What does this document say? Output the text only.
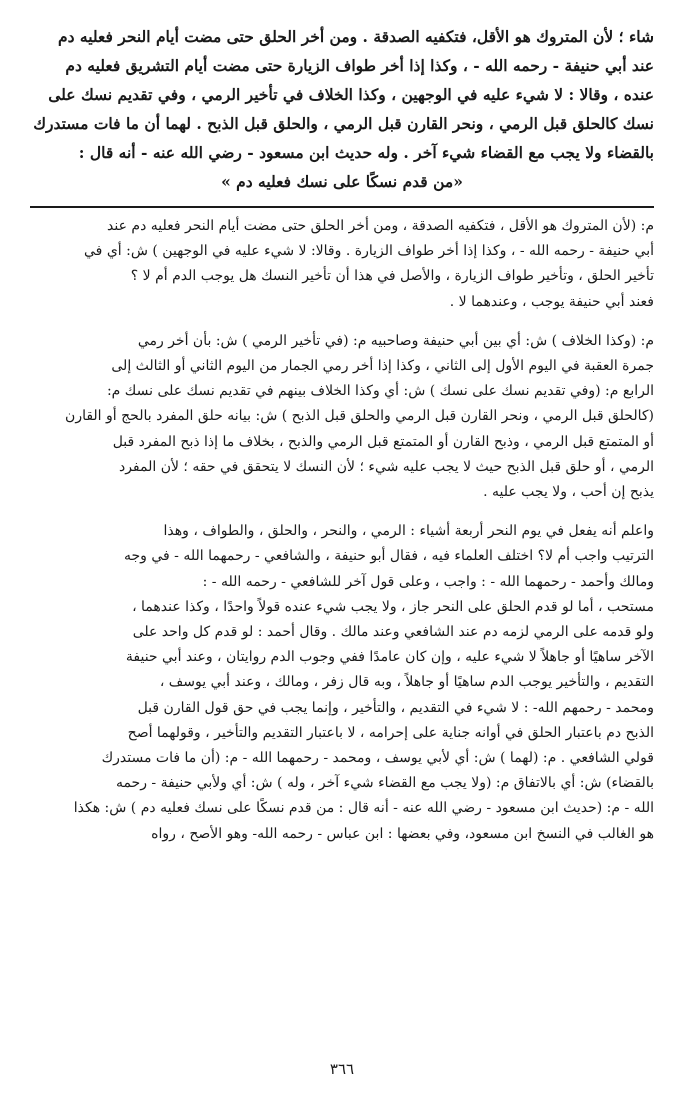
شاء ؛ لأن المتروك هو الأقل، فتكفيه الصدقة . ومن أخر الحلق حتى مضت أيام النحر فعليه دم
عند أبي حنيفة - رحمه الله - ، وكذا إذا أخر طواف الزيارة حتى مضت أيام التشريق فعليه دم
عنده ، وقالا : لا شيء عليه في الوجهين ، وكذا الخلاف في تأخير الرمي ، وفي تقديم نسك على
نسك كالحلق قبل الرمي ، ونحر القارن قبل الرمي ، والحلق قبل الذبح . لهما أن ما فات مستدرك
بالقضاء ولا يجب مع القضاء شيء آخر . وله حديث ابن مسعود - رضي الله عنه - أنه قال :
«من قدم نسكًا على نسك فعليه دم »
م: (لأن المتروك هو الأقل ، فتكفيه الصدقة ، ومن أخر الحلق حتى مضت أيام النحر فعليه دم عند
أبي حنيفة - رحمه الله - ، وكذا إذا أخر طواف الزيارة . وقالا: لا شيء عليه في الوجهين ) ش: أي في
تأخير الحلق ، وتأخير طواف الزيارة ، والأصل في هذا أن تأخير النسك هل يوجب الدم أم لا ؟
فعند أبي حنيفة يوجب ، وعندهما لا .
م: (وكذا الخلاف ) ش: أي بين أبي حنيفة وصاحبيه م: (في تأخير الرمي ) ش: بأن أخر رمي
جمرة العقبة في اليوم الأول إلى الثاني ، وكذا إذا أخر رمي الجمار من اليوم الثاني أو الثالث إلى
الرابع م: (وفي تقديم نسك على نسك ) ش: أي وكذا الخلاف بينهم في تقديم نسك على نسك م:
(كالحلق قبل الرمي ، ونحر القارن قبل الرمي والحلق قبل الذبح ) ش: بيانه حلق المفرد بالحج أو القارن
أو المتمتع قبل الرمي ، وذبح القارن أو المتمتع قبل الرمي والذبح ، بخلاف ما إذا ذبح المفرد قبل
الرمي ، أو حلق قبل الذبح حيث لا يجب عليه شيء ؛ لأن النسك لا يتحقق في حقه ؛ لأن المفرد
يذبح إن أحب ، ولا يجب عليه .
واعلم أنه يفعل في يوم النحر أربعة أشياء : الرمي ، والنحر ، والحلق ، والطواف ، وهذا
الترتيب واجب أم لا؟ اختلف العلماء فيه ، فقال أبو حنيفة ، والشافعي - رحمهما الله - في وجه
ومالك وأحمد - رحمهما الله - : واجب ، وعلى قول آخر للشافعي - رحمه الله - :
مستحب ، أما لو قدم الحلق على النحر جاز ، ولا يجب شيء عنده قولاً واحدًا ، وكذا عندهما ،
ولو قدمه على الرمي لزمه دم عند الشافعي وعند مالك . وقال أحمد : لو قدم كل واحد على
الآخر ساهيًا أو جاهلاً لا شيء عليه ، وإن كان عامدًا ففي وجوب الدم روايتان ، وعند أبي حنيفة
التقديم ، والتأخير يوجب الدم ساهيًا أو جاهلاً ، وبه قال زفر ، ومالك ، وعند أبي يوسف ،
ومحمد - رحمهم الله- : لا شيء في التقديم ، والتأخير ، وإنما يجب في حق قول القارن قبل
الذبح دم باعتبار الحلق في أوانه جناية على إحرامه ، لا باعتبار التقديم والتأخير ، وقولهما أصح
قولي الشافعي . م: (لهما ) ش: أي لأبي يوسف ، ومحمد - رحمهما الله - م: (أن ما فات مستدرك
بالقضاء) ش: أي بالاتفاق م: (ولا يجب مع القضاء شيء آخر ، وله ) ش: أي ولأبي حنيفة - رحمه
الله - م: (حديث ابن مسعود - رضي الله عنه - أنه قال : من قدم نسكًا على نسك فعليه دم ) ش: هكذا
هو الغالب في النسخ ابن مسعود، وفي بعضها : ابن عباس - رحمه الله- وهو الأصح ، رواه
٣٦٦
